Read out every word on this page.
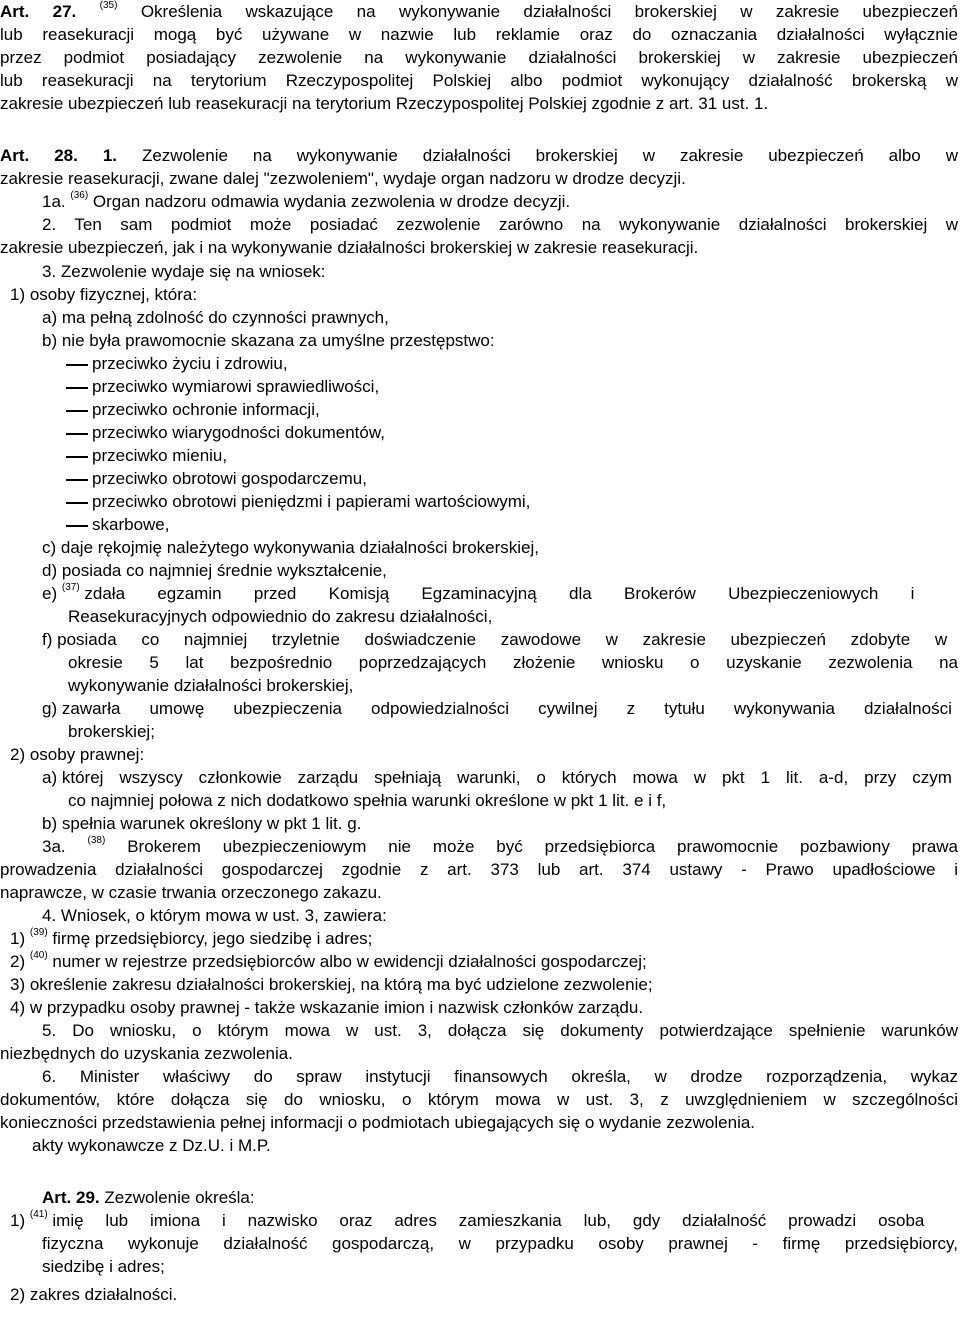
Art. 27. $^{(35)}$ Określenia wskazujące na wykonywanie działalności brokerskiej w zakresie ubezpieczeń
lub reasekuracji mogą być używane w nazwie lub reklamie oraz do oznaczania działalności wyłącznie
przez podmiot posiadający zezwolenie na wykonywanie działalności brokerskiej w zakresie ubezpieczeń
lub reasekuracji na terytorium Rzeczypospolitej Polskiej albo podmiot wykonujący działalność brokerską w
zakresie ubezpieczeń lub reasekuracji na terytorium Rzeczypospolitej Polskiej zgodnie z art. 31 ust. 1.
Art. 28. 1. Zezwolenie na wykonywanie działalności brokerskiej w zakresie ubezpieczeń albo w
zakresie reasekuracji, zwane dalej "zezwoleniem", wydaje organ nadzoru w drodze decyzji.
1a. $^{(36)}$ Organ nadzoru odmawia wydania zezwolenia w drodze decyzji.
2. Ten sam podmiot może posiadać zezwolenie zarówno na wykonywanie działalności brokerskiej w
zakresie ubezpieczeń, jak i na wykonywanie działalności brokerskiej w zakresie reasekuracji.
3. Zezwolenie wydaje się na wniosek:
1) osoby fizycznej, która:
a) ma pełną zdolność do czynności prawnych,
b) nie była prawomocnie skazana za umyślne przestępstwo:
przeciwko życiu i zdrowiu,
przeciwko wymiarowi sprawiedliwości,
przeciwko ochronie informacji,
przeciwko wiarygodności dokumentów,
przeciwko mieniu,
przeciwko obrotowi gospodarczemu,
przeciwko obrotowi pieniędzmi i papierami wartościowymi,
skarbowe,
c) daje rękojmię należytego wykonywania działalności brokerskiej,
d) posiada co najmniej średnie wykształcenie,
e) $^{(37)}$ zdała egzamin przed Komisją Egzaminacyjną dla Brokerów Ubezpieczeniowych i
Reasekuracyjnych odpowiednio do zakresu działalności,
f) posiada co najmniej trzyletnie doświadczenie zawodowe w zakresie ubezpieczeń zdobyte w
okresie 5 lat bezpośrednio poprzedzających złożenie wniosku o uzyskanie zezwolenia na
wykonywanie działalności brokerskiej,
g) zawarła umowę ubezpieczenia odpowiedzialności cywilnej z tytułu wykonywania działalności
brokerskiej;
2) osoby prawnej:
a) której wszyscy członkowie zarządu spełniają warunki, o których mowa w pkt 1 lit. a-d, przy czym
co najmniej połowa z nich dodatkowo spełnia warunki określone w pkt 1 lit. e i f,
b) spełnia warunek określony w pkt 1 lit. g.
3a. $^{(38)}$ Brokerem ubezpieczeniowym nie może być przedsiębiorca prawomocnie pozbawiony prawa
prowadzenia działalności gospodarczej zgodnie z art. 373 lub art. 374 ustawy - Prawo upadłościowe i
naprawcze, w czasie trwania orzeczonego zakazu.
4. Wniosek, o którym mowa w ust. 3, zawiera:
1) $^{(39)}$ firmę przedsiębiorcy, jego siedzibę i adres;
2) $^{(40)}$ numer w rejestrze przedsiębiorców albo w ewidencji działalności gospodarczej;
3) określenie zakresu działalności brokerskiej, na którą ma być udzielone zezwolenie;
4) w przypadku osoby prawnej - także wskazanie imion i nazwisk członków zarządu.
5. Do wniosku, o którym mowa w ust. 3, dołącza się dokumenty potwierdzające spełnienie warunków
niezbędnych do uzyskania zezwolenia.
6. Minister właściwy do spraw instytucji finansowych określa, w drodze rozporządzenia, wykaz
dokumentów, które dołącza się do wniosku, o którym mowa w ust. 3, z uwzględnieniem w szczególności
konieczności przedstawienia pełnej informacji o podmiotach ubiegających się o wydanie zezwolenia.
akty wykonawcze z Dz.U. i M.P.
Art. 29. Zezwolenie określa:
1) $^{(41)}$ imię lub imiona i nazwisko oraz adres zamieszkania lub, gdy działalność prowadzi osoba
fizyczna wykonuje działalność gospodarczą, w przypadku osoby prawnej - firmę przedsiębiorcy,
siedzibę i adres;
2) zakres działalności.
